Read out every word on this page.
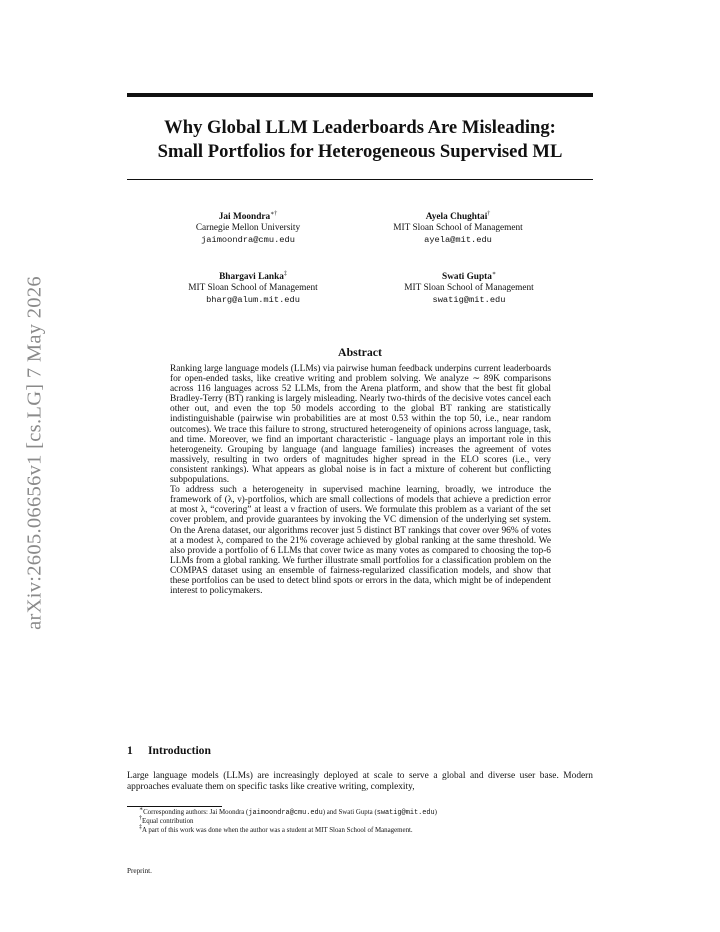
arXiv:2605.06656v1 [cs.LG] 7 May 2026
Why Global LLM Leaderboards Are Misleading:
Small Portfolios for Heterogeneous Supervised ML
Jai Moondra∗†
Carnegie Mellon University
jaimoondra@cmu.edu
Ayela Chughtai†
MIT Sloan School of Management
ayela@mit.edu
Bhargavi Lanka‡
MIT Sloan School of Management
bharg@alum.mit.edu
Swati Gupta∗
MIT Sloan School of Management
swatig@mit.edu
Abstract

Ranking large language models (LLMs) via pairwise human feedback underpins current leaderboards for open-ended tasks, like creative writing and problem solving. We analyze ∼ 89K comparisons across 116 languages across 52 LLMs, from the Arena platform, and show that the best fit global Bradley-Terry (BT) ranking is largely misleading. Nearly two-thirds of the decisive votes cancel each other out, and even the top 50 models according to the global BT ranking are statistically indistinguishable (pairwise win probabilities are at most 0.53 within the top 50, i.e., near random outcomes). We trace this failure to strong, structured heterogeneity of opinions across language, task, and time. Moreover, we find an important characteristic - language plays an important role in this heterogeneity. Grouping by language (and language families) increases the agreement of votes massively, resulting in two orders of magnitudes higher spread in the ELO scores (i.e., very consistent rankings). What appears as global noise is in fact a mixture of coherent but conflicting subpopulations.

To address such a heterogeneity in supervised machine learning, broadly, we introduce the framework of (λ, ν)-portfolios, which are small collections of models that achieve a prediction error at most λ, “covering” at least a ν fraction of users. We formulate this problem as a variant of the set cover problem, and provide guarantees by invoking the VC dimension of the underlying set system. On the Arena dataset, our algorithms recover just 5 distinct BT rankings that cover over 96% of votes at a modest λ, compared to the 21% coverage achieved by global ranking at the same threshold. We also provide a portfolio of 6 LLMs that cover twice as many votes as compared to choosing the top-6 LLMs from a global ranking. We further illustrate small portfolios for a classification problem on the COMPAS dataset using an ensemble of fairness-regularized classification models, and show that these portfolios can be used to detect blind spots or errors in the data, which might be of independent interest to policymakers.

1 Introduction
Large language models (LLMs) are increasingly deployed at scale to serve a global and diverse user base. Modern approaches evaluate them on specific tasks like creative writing, complexity,
∗Corresponding authors: Jai Moondra (jaimoondra@cmu.edu) and Swati Gupta (swatig@mit.edu)
†Equal contribution
‡A part of this work was done when the author was a student at MIT Sloan School of Management.
Preprint.
